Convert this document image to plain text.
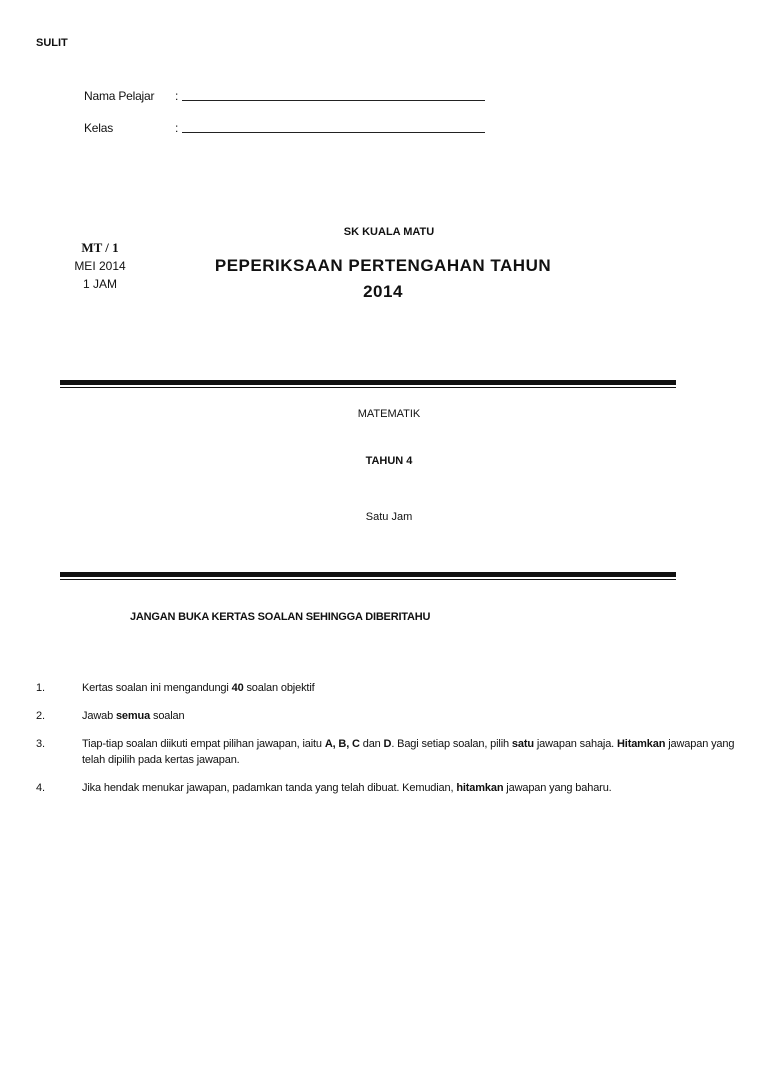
SULIT
Nama Pelajar :
Kelas	:
MT / 1
MEI 2014
1 JAM
SK KUALA MATU
PEPERIKSAAN PERTENGAHAN TAHUN
2014
MATEMATIK
TAHUN 4
Satu Jam
JANGAN BUKA KERTAS SOALAN SEHINGGA DIBERITAHU
1.	Kertas soalan ini mengandungi 40 soalan objektif
2.	Jawab semua soalan
3.	Tiap-tiap soalan diikuti empat pilihan jawapan, iaitu A, B, C dan D. Bagi setiap soalan, pilih satu jawapan sahaja. Hitamkan jawapan yang telah dipilih pada kertas jawapan.
4.	Jika hendak menukar jawapan, padamkan tanda yang telah dibuat. Kemudian, hitamkan jawapan yang baharu.
